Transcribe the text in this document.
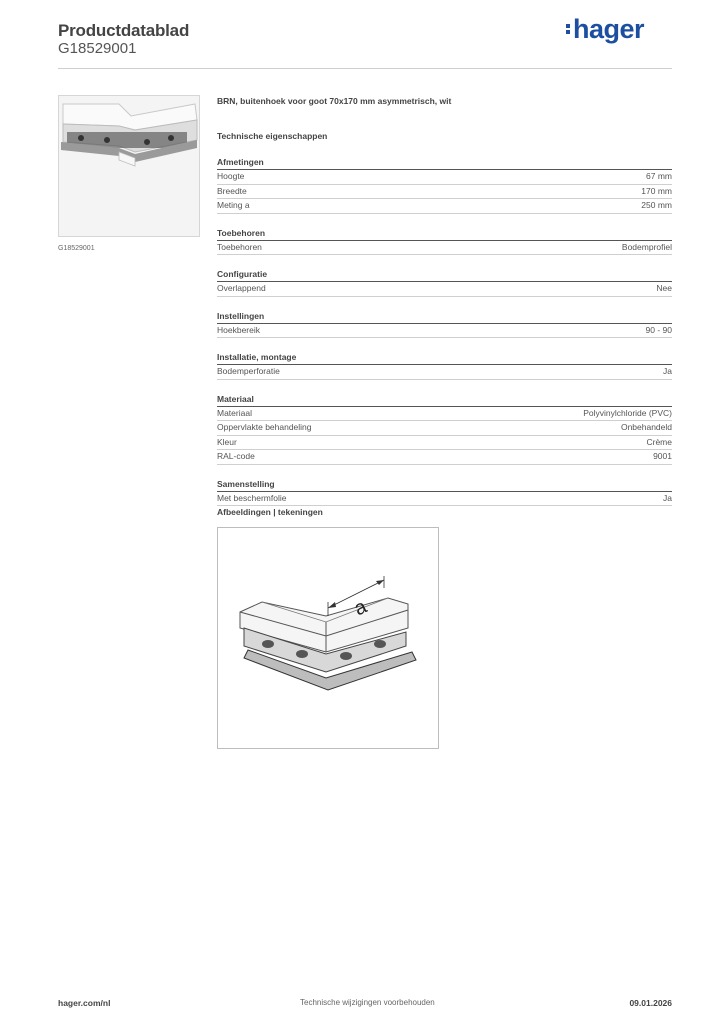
Productdatablad
G18529001
hager
G18529001
BRN, buitenhoek voor goot 70x170 mm asymmetrisch, wit
Technische eigenschappen
Afmetingen
Hoogte	67 mm
Breedte	170 mm
Meting a	250 mm
Toebehoren
Toebehoren	Bodemprofiel
Configuratie
Overlappend	Nee
Instellingen
Hoekbereik	90 - 90
Installatie, montage
Bodemperforatie	Ja
Materiaal
Materiaal	Polyvinylchloride (PVC)
Oppervlakte behandeling	Onbehandeld
Kleur	Crème
RAL-code	9001
Samenstelling
Met beschermfolie	Ja
Afbeeldingen | tekeningen
a
hager.com/nl	Technische wijzigingen voorbehouden	09.01.2026
